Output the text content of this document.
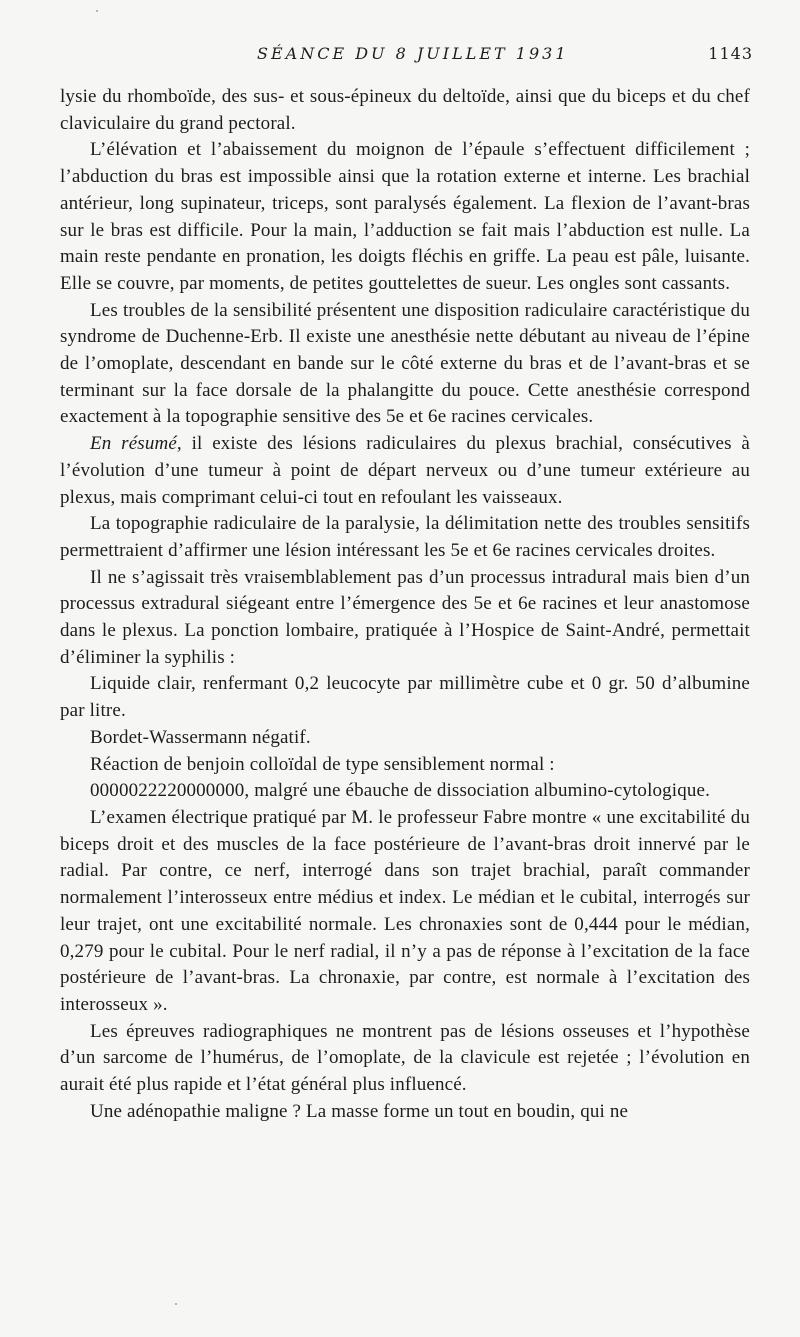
SÉANCE DU 8 JUILLET 1931	1143

lysie du rhomboïde, des sus- et sous-épineux du deltoïde, ainsi que du biceps et du chef claviculaire du grand pectoral.

L’élévation et l’abaissement du moignon de l’épaule s’effectuent difficilement ; l’abduction du bras est impossible ainsi que la rotation externe et interne. Les brachial antérieur, long supinateur, triceps, sont paralysés également. La flexion de l’avant-bras sur le bras est difficile. Pour la main, l’adduction se fait mais l’abduction est nulle. La main reste pendante en pronation, les doigts fléchis en griffe. La peau est pâle, luisante. Elle se couvre, par moments, de petites gouttelettes de sueur. Les ongles sont cassants.

Les troubles de la sensibilité présentent une disposition radiculaire caractéristique du syndrome de Duchenne-Erb. Il existe une anesthésie nette débutant au niveau de l’épine de l’omoplate, descendant en bande sur le côté externe du bras et de l’avant-bras et se terminant sur la face dorsale de la phalangitte du pouce. Cette anesthésie correspond exactement à la topographie sensitive des 5e et 6e racines cervicales.

En résumé, il existe des lésions radiculaires du plexus brachial, consécutives à l’évolution d’une tumeur à point de départ nerveux ou d’une tumeur extérieure au plexus, mais comprimant celui-ci tout en refoulant les vaisseaux.

La topographie radiculaire de la paralysie, la délimitation nette des troubles sensitifs permettraient d’affirmer une lésion intéressant les 5e et 6e racines cervicales droites.

Il ne s’agissait très vraisemblablement pas d’un processus intradural mais bien d’un processus extradural siégeant entre l’émergence des 5e et 6e racines et leur anastomose dans le plexus. La ponction lombaire, pratiquée à l’Hospice de Saint-André, permettait d’éliminer la syphilis :

Liquide clair, renfermant 0,2 leucocyte par millimètre cube et 0 gr. 50 d’albumine par litre.

Bordet-Wassermann négatif.

Réaction de benjoin colloïdal de type sensiblement normal :

0000022220000000, malgré une ébauche de dissociation albumino-cytologique.

L’examen électrique pratiqué par M. le professeur Fabre montre « une excitabilité du biceps droit et des muscles de la face postérieure de l’avant-bras droit innervé par le radial. Par contre, ce nerf, interrogé dans son trajet brachial, paraît commander normalement l’interosseux entre médius et index. Le médian et le cubital, interrogés sur leur trajet, ont une excitabilité normale. Les chronaxies sont de 0,444 pour le médian, 0,279 pour le cubital. Pour le nerf radial, il n’y a pas de réponse à l’excitation de la face postérieure de l’avant-bras. La chronaxie, par contre, est normale à l’excitation des interosseux ».

Les épreuves radiographiques ne montrent pas de lésions osseuses et l’hypothèse d’un sarcome de l’humérus, de l’omoplate, de la clavicule est rejetée ; l’évolution en aurait été plus rapide et l’état général plus influencé.

Une adénopathie maligne ? La masse forme un tout en boudin, qui ne
